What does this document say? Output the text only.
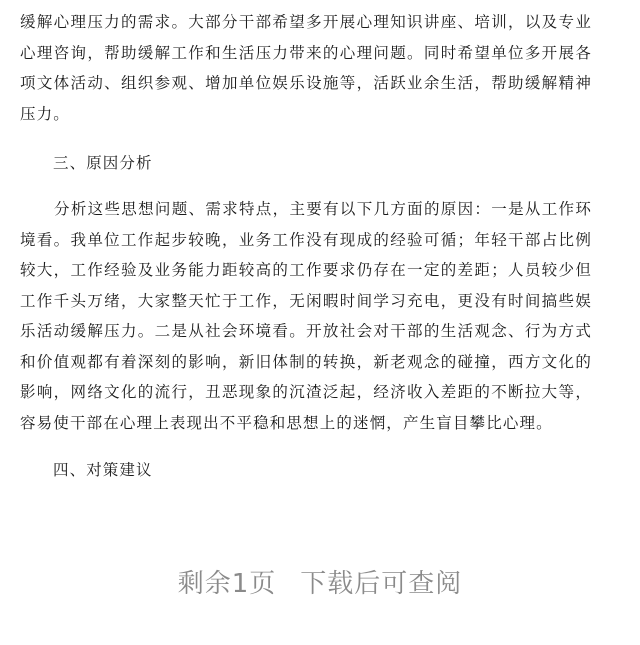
缓解心理压力的需求。大部分干部希望多开展心理知识讲座、培训，以及专业心理咨询，帮助缓解工作和生活压力带来的心理问题。同时希望单位多开展各项文体活动、组织参观、增加单位娱乐设施等，活跃业余生活，帮助缓解精神压力。

三、原因分析

分析这些思想问题、需求特点，主要有以下几方面的原因：一是从工作环境看。我单位工作起步较晚，业务工作没有现成的经验可循；年轻干部占比例较大，工作经验及业务能力距较高的工作要求仍存在一定的差距；人员较少但工作千头万绪，大家整天忙于工作，无闲暇时间学习充电，更没有时间搞些娱乐活动缓解压力。二是从社会环境看。开放社会对干部的生活观念、行为方式和价值观都有着深刻的影响，新旧体制的转换，新老观念的碰撞，西方文化的影响，网络文化的流行，丑恶现象的沉渣泛起，经济收入差距的不断拉大等，容易使干部在心理上表现出不平稳和思想上的迷惘，产生盲目攀比心理。

四、对策建议

剩余1页 下载后可查阅
